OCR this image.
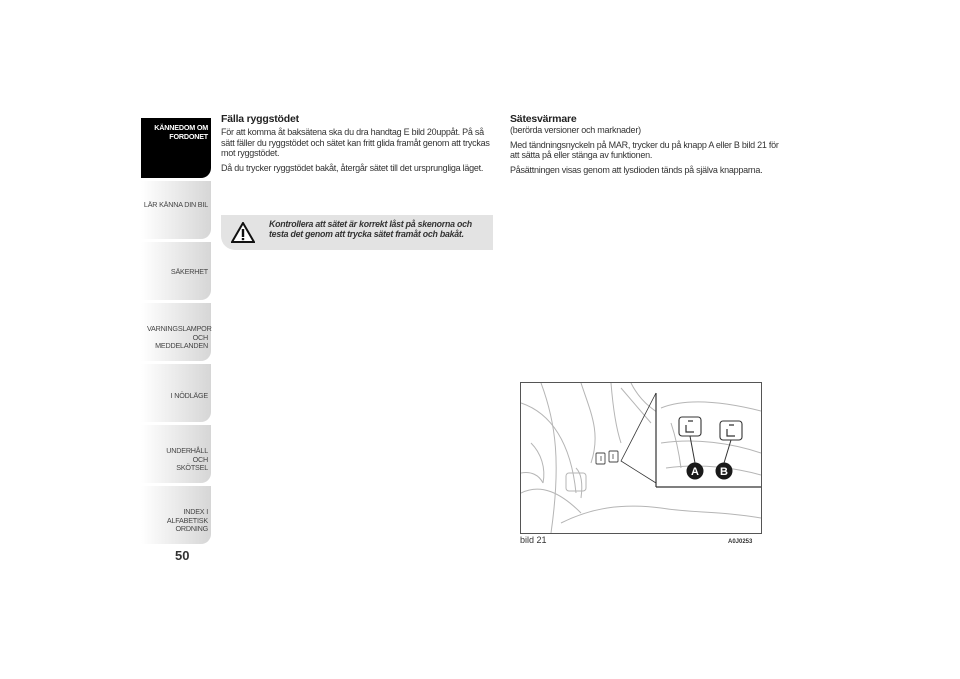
KÄNNEDOM OM FORDONET
LÄR KÄNNA DIN BIL
SÄKERHET
VARNINGSLAMPOR OCH MEDDELANDEN
I NÖDLÄGE
UNDERHÅLL OCH SKÖTSEL
INDEX I ALFABETISK ORDNING
50
Fälla ryggstödet

För att komma åt baksätena ska du dra handtag E bild 20uppåt. På så sätt fäller du ryggstödet och sätet kan fritt glida framåt genom att tryckas mot ryggstödet.

Då du trycker ryggstödet bakåt, återgår sätet till det ursprungliga läget.

Kontrollera att sätet är korrekt låst på skenorna och testa det genom att trycka sätet framåt och bakåt.
Sätesvärmare
(berörda versioner och marknader)

Med tändningsnyckeln på MAR, trycker du på knapp A eller B bild 21 för att sätta på eller stänga av funktionen.

Påsättningen visas genom att lysdioden tänds på själva knapparna.

A B
bild 21	A0J0253
